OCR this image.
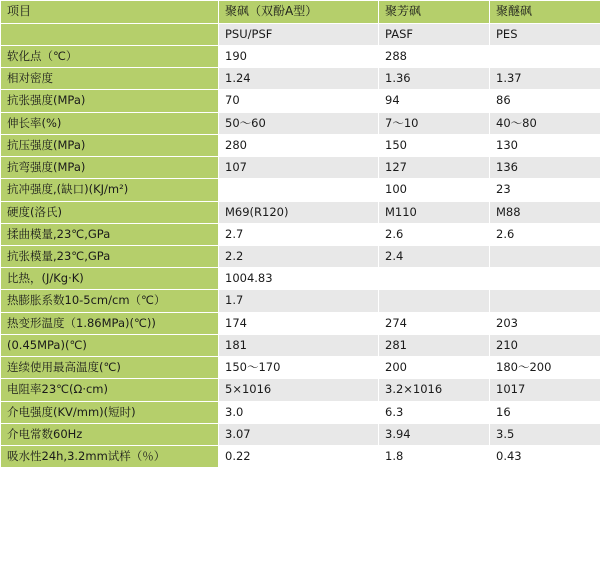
项目	聚砜（双酚A型）	聚芳砜	聚醚砜
	PSU/PSF	PASF	PES
软化点（℃）	190	288	
相对密度	1.24	1.36	1.37
抗张强度(MPa)	70	94	86
伸长率(%)	50～60	7～10	40～80
抗压强度(MPa)	280	150	130
抗弯强度(MPa)	107	127	136
抗冲强度,(缺口)(KJ/m²)		100	23
硬度(洛氏)	M69(R120)	M110	M88
揉曲模量,23℃,GPa	2.7	2.6	2.6
抗张模量,23℃,GPa	2.2	2.4	
比热，(J/Kg·K)	1004.83		
热膨胀系数10-5cm/cm（℃）	1.7		
热变形温度（1.86MPa)(℃))	174	274	203
(0.45MPa)(℃)	181	281	210
连续使用最高温度(℃)	150～170	200	180～200
电阻率23℃(Ω·cm)	5×1016	3.2×1016	1017
介电强度(KV/mm)(短时)	3.0	6.3	16
介电常数60Hz	3.07	3.94	3.5
吸水性24h,3.2mm试样（％）	0.22	1.8	0.43
